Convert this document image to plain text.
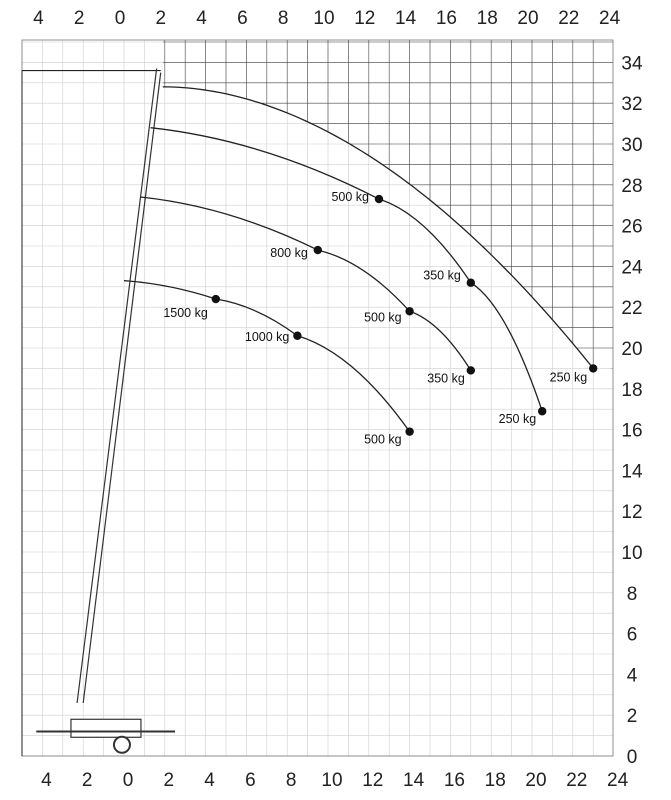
1500 kg
1000 kg
500 kg
800 kg
500 kg
350 kg
500 kg
350 kg
250 kg
250 kg
4 2 0 2 4 6 8 10 12 14 16 18 20 22 24
4 2 0 2 4 6 8 10 12 14 16 18 20 22 24
0
2
4
6
8
10
12
14
16
18
20
22
24
26
28
30
32
34
